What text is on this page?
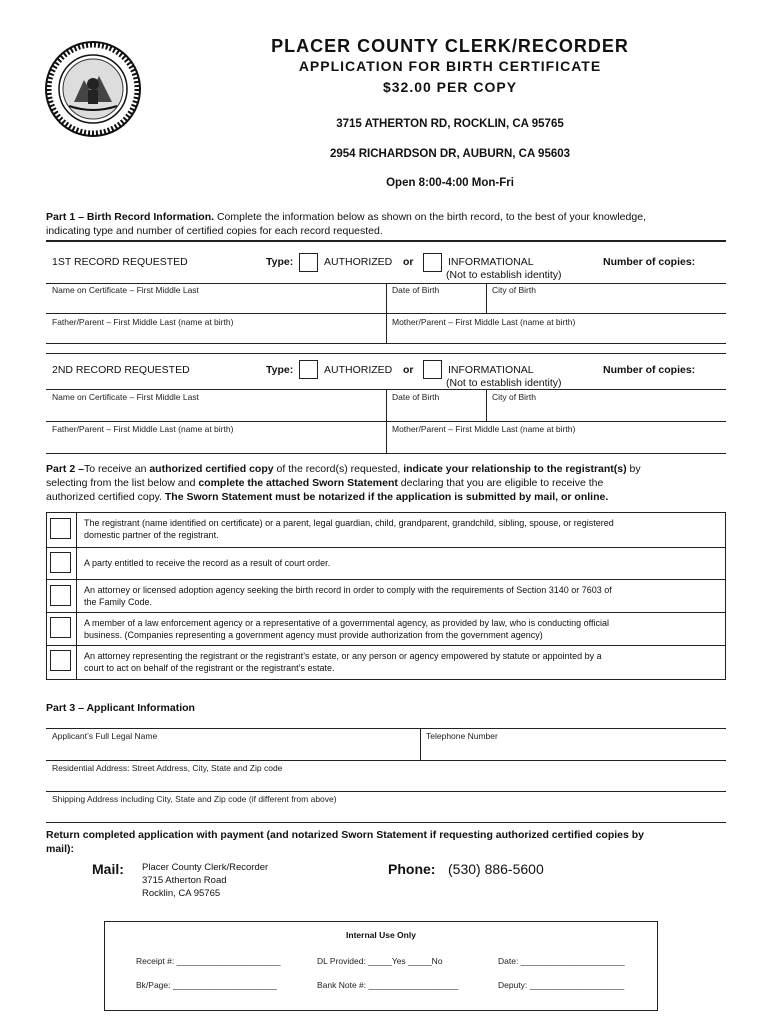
PLACER COUNTY CLERK/RECORDER
APPLICATION FOR BIRTH CERTIFICATE
$32.00 PER COPY
3715 ATHERTON RD, ROCKLIN, CA 95765
2954 RICHARDSON DR, AUBURN, CA 95603
Open 8:00-4:00 Mon-Fri
Part 1 – Birth Record Information. Complete the information below as shown on the birth record, to the best of your knowledge,
indicating type and number of certified copies for each record requested.
1ST RECORD REQUESTED	Type:	AUTHORIZED or	INFORMATIONAL
(Not to establish identity)
Number of copies:
Name on Certificate – First Middle Last	Date of Birth	City of Birth
Father/Parent – First Middle Last (name at birth)	Mother/Parent – First Middle Last (name at birth)
2ND RECORD REQUESTED	Type:	AUTHORIZED or	INFORMATIONAL
(Not to establish identity)
Number of copies:
Name on Certificate – First Middle Last	Date of Birth	City of Birth
Father/Parent – First Middle Last (name at birth)	Mother/Parent – First Middle Last (name at birth)
Part 2 –To receive an authorized certified copy of the record(s) requested, indicate your relationship to the registrant(s) by
selecting from the list below and complete the attached Sworn Statement declaring that you are eligible to receive the
authorized certified copy. The Sworn Statement must be notarized if the application is submitted by mail, or online.
The registrant (name identified on certificate) or a parent, legal guardian, child, grandparent, grandchild, sibling, spouse, or registered
domestic partner of the registrant.
A party entitled to receive the record as a result of court order.
An attorney or licensed adoption agency seeking the birth record in order to comply with the requirements of Section 3140 or 7603 of
the Family Code.
A member of a law enforcement agency or a representative of a governmental agency, as provided by law, who is conducting official
business. (Companies representing a government agency must provide authorization from the government agency)
An attorney representing the registrant or the registrant’s estate, or any person or agency empowered by statute or appointed by a
court to act on behalf of the registrant or the registrant’s estate.
Part 3 – Applicant Information
Applicant’s Full Legal Name	Telephone Number
Residential Address: Street Address, City, State and Zip code
Shipping Address including City, State and Zip code (if different from above)
Return completed application with payment (and notarized Sworn Statement if requesting authorized certified copies by
mail):
Mail: Placer County Clerk/Recorder
3715 Atherton Road
Rocklin, CA 95765
Phone: (530) 886-5600
Internal Use Only
Receipt #: ______________________	DL Provided: _____Yes _____No	Date: ______________________
Bk/Page: ______________________	Bank Note #: ___________________	Deputy: ____________________
